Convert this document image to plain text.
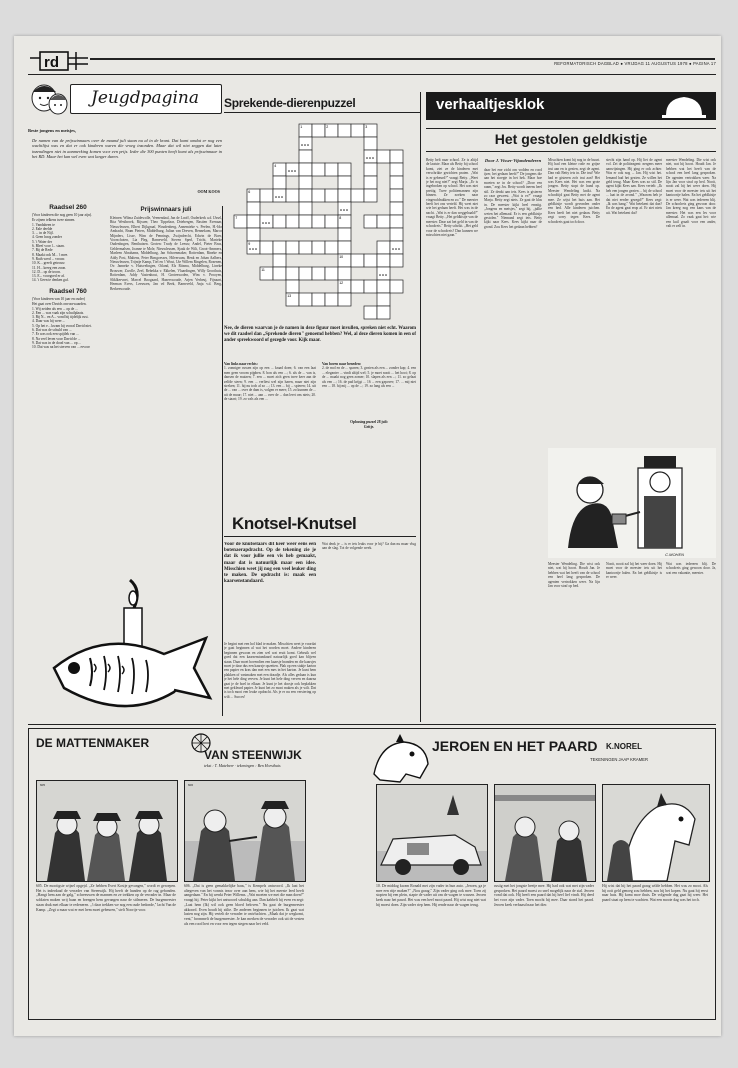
rd	REFORMATORISCH DAGBLAD ● VRIJDAG 11 AUGUSTUS 1978 ● PAGINA 17
Jeugdpagina
Beste jongens en meisjes,
De namen van de prijswinnaars over de maand juli staan nu al in de krant. Dat komt omdat er nog een wachtlijst was en dat er ook kinderen waren die vroeg inzonden. Maar dat wil niet zeggen dat later inzendingen niet in aanmerking komen voor een prijs. Ieder die 300 punten heeft komt als prijswinnaar in het RD. Maar het kan wel even wat langer duren.
OOM KOOS
Raadsel 260
(Voor kinderen die nog geen 10 jaar zijn).
Er zijnen telkens twee zinnen.
1. Vandaheen te
2. Eale deelde
3. ... in de Nijl.
4. Geen hoog zonder
5. 't Water der
6. Bleef voor l... staan.
7. Bij de Rede
8. Maakt ook M... 't mee.
9. Ruth werd ... vrouw.
10. K... greeft getrouw.
11. H... kreeg een zoon.
12. D... op de troon.
13. E... voorgoed er af.
14. 't Geen te denken gaf.
Raadsel 760
(Voor kinderen van 10 jaar en ouder)
Het gaat over Davids onvoorwaarden.
1. Wij zeiden als een ... op de ...
2. Een ... was vaak zijn schuilplaats.
3. Bij N... en A... vond hij tijdelijk rust.
4. Daar was hij weer ...
5. Op het e... kwam hij vooral David niet.
6. Dat was de schuld van ...
7. Er was ook een spijtlek van ...
8. Na veel leven voor David de ...
9. Dat was in de dood van ... op ...
10. Dat was na het sterven van ... ervoor
Prijswinnaars juli
Kleinen: Wilma Zuidewolle, Veenendaal, Jan de Looff, Ouderkerk a.d. IJssel, Rita Westbroek, Rijssen; Theo Tippelaar, Driebergen, Bastien Evenaar, Nieuwleusen, Elbert Dijkgraaf, Woudenberg, Annemieke v. Peelen, H.-Ido Ambacht, Bram Pieters, Middelburg, Julian van Dreven, Bennekom, Marco Mijnders, Lisse, Wim de Pennings, Zwijndrecht, Edwin de Boer, Voorschoten, Lia Pleg, Barneveld, Steven Sperl, Tricht, Marieke Oudenbogen, Benthuizen. Groten: Trudy de Leeuw, Andel, Pieter Brus, Geldermalsen, Joanne te Mole, Nieuwleusen, Sjaak de Wilt, Groot-Ammers, Marleen Abrahams, Middelburg, Jan Schoenmaker, Rotterdam, Rineke en Addy Post, Maltens, Peter Bimgoesses, Hilversum, Henk en Johan Aalbers, Nieuwleusen, Trijntje Kamp, Tiel en 't Wout, Ute Willem Ringelen, Rozenen, Ov. Janneke v. Huisvelingen, Otland, Els Ritsma, Middelburg, Lineke Brouwer, Zwolle, Zeel, Rebekka v. Ekkelen, Vlaardingen, Willy Groothuis, Rotterdam, Addy Vastenhout, H. Grotenwoden, Wim v. Prooyen, Sliklkervnet, Marcel Boogaard, Hazerswoude, Arjen Verheuj, Fijnaart, Herman Evers, Leeuwen, Jan vd Beek, Barneveld, Anja v.d. Berg, Berkenwoude.
Sprekende-dierenpuzzel
1	2	3
4
6
7	8
9
10
11
12
13
Nee, de dieren waarvan je de namen in deze figuur moet invullen, spreken niet echt. Waarom we dit raadsel dan „Sprekende dieren" genoemd hebben? Wel, al deze dieren komen in een of ander spreekwoord of gezegde voor. Kijk maar.
Van links naar rechts:
1. zonniger russen zijn op een ... kraad doen; 6. van een laat men geen vroom pijpben. 8. bon als een ...; 6. als de ... van is, dansen de muizen; 7. een ... moet zich geen twee keer aan de zelfde steen; 9. een ... verliest wel zijn haren, maar niet zijn streken; 11. hij nu toch al zo ...; 13. een ... bij ... spieren; 14. uit de ... van ... over de dam is, volgen er meer; 15. zo kunnen de ... uit de muur; 17. niet ... aan ... over de ... dan leert ons niets; 20. de staart; 19. zo vals als een ...
Van boven naar beneden:
2. de mol en de ... sparen; 3. gezien als een ... zonder kop; 4. een ... eleganter ... vindt altijd wel; 5. je moet nooit ... het hooi; 8. op de ... maakt nog geen zomer; 10. slapen als een ...; 11. zo gelaat als een ...; 16. de pad krijgt ... 16 ... een gapover; 17. ... mij niet een ... 18. hij mij ... op de ...; 19. zo lang als een ...
Oplossing puzzel 28 juli:
Gritje.
Knotsel-Knutsel
Voor de knutselaars dit keer weer eens een botenaerapdracht. Op de tekening zie je dat ik voor jullie een vis heb gemaakt, maar dat is natuurlijk maar een idee. Misschien weet jij nog een veel leuker ding te maken. De opdracht is: maak een kaarsenstandaard.
Je begint met een hol blad te maken. Misschien weet je voordat je gaat beginnen al wat het worden moet. Andere kinderen beginnen gewoon en zien wel wat eruit komt. Gebruik wel goed dat een kaarsenstandaard natuurlijk goed kan blijven staan. Daar moet bovendien een kaarsje branden en die kaarsjes moet je daar dus een kaarsje opzetten. Plak op een stukje karton een papier en kras dan met een mes in het karton. Je kunt hem plakken of vastmaken met een draadje. Als alles gedaan is kun je het hele ding verven. Je kunt het hele ding verven en daarna gaat je de boel in elkaar. Je kunt je het doosje ook beplakken met gekleurd papier. Je kunt het zo mooi maken als je wilt. Dat is toch mooi een leuke opdracht. Als je er nu een versiering op wilt ... Succes!
Wat denk je ... is er iets leuks voor je bij? Ga dan nu maar vlug aan de slag. Tot de volgende week.
verhaaltjesklok
Het gestolen geldkistje
Betty belt naar school. Ze is altijd de laatste. Maar als Betty bij school komt, ziet ze de kinderen met verschrikte gezichten praten. „Wat is er gebeurd?" vraagt Betty. „Weet je het nog niet?" zegt Marja. „Er is ingebroken op school. Het was niet prettig. Twee politiemannen zijn binnen. Ze zoeken naar vingerafdrukken en zo." De meester heeft het ons verteld. Hij weet niet wie het gedaan heeft. Het was in de nacht. „Wat is er dan weggehaald?" vraagt Betty. „Het geldkistje van de meester. Daar zat het geld in van de schoolreis." Betty schrikt. „Het geld voor de schoolreis? Dan kunnen we misschien niet gaan."
Door J. Visser-Vijandenderen
daar het ene zicht om vodden en rood ijzer, het gedaan heeft?" De jongens die aan het stoepje in het hek. Maar hoe moeten ze in de school? „Door een raam," zegt Jos. Betty wordt ineens heel stil. Ze denkt aan iets. Kees is gisteren zo raar geweest. „Wat is er?" vraagt Marja. Betty zegt niets. Ze gaat de klas in. De meester kijkt heel ernstig. „Jongens en meisjes," zegt hij, „jullie weten het allemaal. Er is een geldkistje gestolen." Niemand zegt iets. Betty kijkt naar Kees. Kees kijkt naar de grond. Zou Kees het gedaan hebben?
Misschien komt hij nog in de buurt. Hij had een kleine rode en grijze trui aan en is gezien, zegt de agent. Dan valt Betty iets in. Die trui! Wie had er gisteren zo'n trui aan? Het was Kees niet. Het was een grote jongen. Betty stopt de hand op. Meester Wendeling knikt. Na schooltijd gaat Betty met de agent mee. Ze wijst het huis aan. Het geldkistje wordt gevonden onder een bed. Alle kinderen juichen. Kees heeft het niet gedaan. Betty zegt sorry tegen Kees. De schoolreis gaat toch door.
stecht zijn hand op. Hij liet de agent vol. Zei de politieagent: nergens meer aanwijzingen. Hij ging er ook achter. Was er ook nog ... Jan. Hij wist het. Iemand had het gezien. Ze willen het geld terug. Maar Kees was zo stil. De agent kijkt Kees aan. Kees vertelt: „Ik heb een jongen gezien ... bij de school ... laat in de avond." „Waarom heb je dat niet eerder gezegd?" Kees zegt: „Ik was bang." Wat betekent dat dan? En de agent gaat erop af. Er ziet niets uit. Wat betekent dat?
meester Wendeling. Die wist ook niet, wat hij hoort. Houdt Jan. Je hebben wat het heeft van de school een heel lang gesproken. De agenten vertrokken weer. Na lijn Jan voor straf op bed. Nooit, nooit zal hij het weer doen. Hij moet voor de meester iets uit het kantoortje halen. En het geldkistje is er weer. Wat was iedereen blij. De schoolreis ging gewoon door. Jan kreeg nog een kans van de meester. Het was een les voor allemaal. Zo vaak gaat het: wie een kuil graaft voor een ander, valt er zelf in.
C.MOHEN
Meester Wendeling. Die wist ook niet, wat hij hoort. Houdt Jan. Je hebben wat het heeft van de school een heel lang gesproken. De agenten vertrokken weer. Na lijn Jan voor straf op bed.
Nooit, nooit zal hij het weer doen. Hij moet voor de meester iets uit het kantoortje halen. En het geldkistje is er weer.
Wat was iedereen blij. De schoolreis ging gewoon door. Ja, wat een vakantie, meester.
DE MATTENMAKER
VAN STEENWIJK
tekst : T. Matebeer · tekeningen : Ben Horsthuis
605	606
605. De mootigste wijzel opgejd. „Ze hebben Evert Kostje gevangen," wordt er geroepen. Het is inderdaad de verrader van Steenwijk. Hij heeft de handen op de rug gebonden. „Hangt hem aan de galg," schreeuwen de mannen en ze trekken op de verrader in. Maar de soldaten maken wrij baan en brengen hem gevangen naar de stilmeren. De burgemeester staan druk met elkaar te redeneren. „'t daar trekken we nog een oude bedonde," lacht Van de Kamp. „Zegt u maar wat er met hem moet gebeuren," stelt Noortje voor.
606. „Dat is geen gemakkelijke baas," is Kempels antwoord. „Ik laat het altegeven van het vonnis tezor over aan hem, wie hij het meeste leed heeft aangedaan." En hij wenkt Peter Willems. „Wat moeten we met die man doen?" vraagt hij. Peter kijkt het antwoord schuldig aan. Dan kabbelt hij even en zegt: „Laat hem (Ik) wil ook geen bloed beloven." Nu gaat de burgemeester akkoord. Even houdt hij stilte. De anderen beginnen te juichen. Ik gaat wat lasten nog zijn. Hij vertelt de verrader te ontvluchten. „Maak dat je wegkomt, vent," brommelt de burgemeester. Je kan merken de verrader ook uit de vesten als een rood hert en voor een tegen stegen naar het veld.
JEROEN EN HET PAARD
TEKENINGEN JAAP KRAMER
K.NOREL
10. De middag kwam Ronald met zijn vader in hun auto. „Jeroen, ga je mee een ritje maken?" „Nou graag." Zijn vader ging ook mee. Toen zij stopten bij een plein, stapte de vader uit om de wagen te wassen. Jeroen keek naar het paard. Het was een heel mooi paard. Hij wist nog niet wat hij moest doen. Zijn vader riep hem. Hij rende naar de wagen terug.
rustig met het jongste beetje mee. Hij had ook wat met zijn vader gesproken. Het paard moest zo snel mogelijk naar de stal. Jeroen vond dat ook. Hij heeft een paard dat hij heel lief vindt. Hij deed het voor zijn vader. Toen mocht hij mee. Daar stond het paard. Jeroen keek verbaasd naar het dier.
Hij wist dat hij het paard graag wilde hebben. Het was zo mooi. Als hij ooit geld genoeg zou hebben, zou hij het kopen. Nu gaat hij eerst naar huis. Hij komt moe thuis. De volgende dag gaat hij weer. Het paard staat op hem te wachten. Wat een mooie dag was het toch.
